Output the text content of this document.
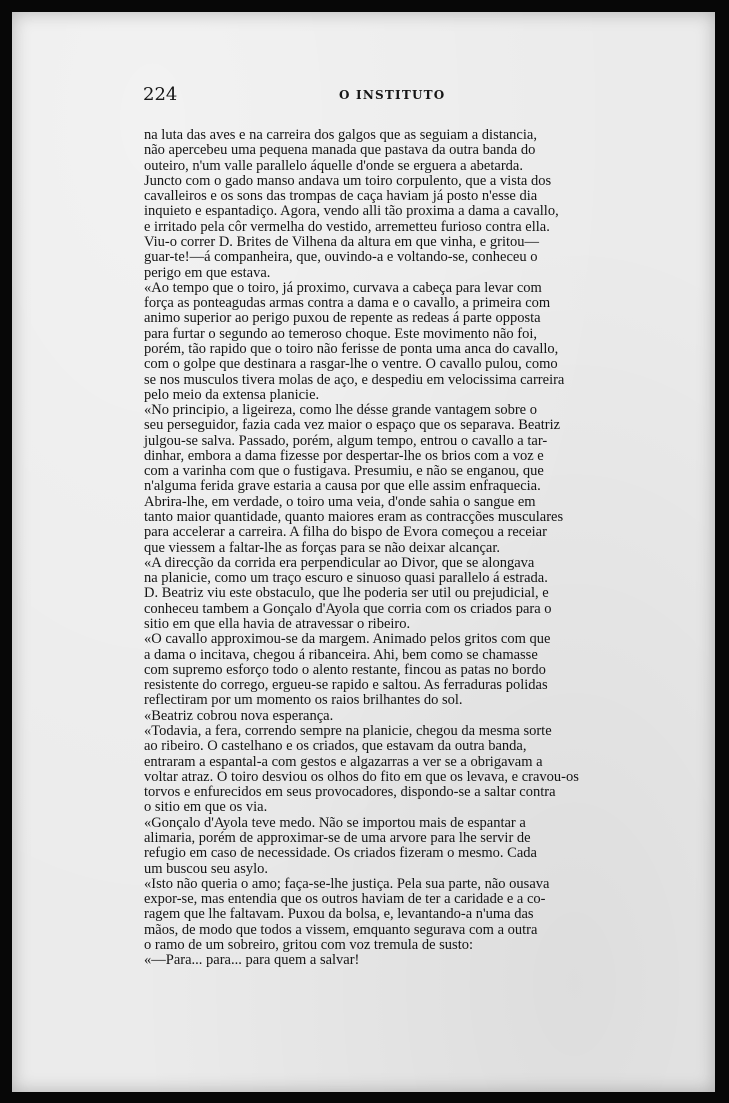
224	O INSTITUTO

na luta das aves e na carreira dos galgos que as seguiam a distancia,
não apercebeu uma pequena manada que pastava da outra banda do
outeiro, n'um valle parallelo áquelle d'onde se erguera a abetarda.
Juncto com o gado manso andava um toiro corpulento, que a vista dos
cavalleiros e os sons das trompas de caça haviam já posto n'esse dia
inquieto e espantadiço. Agora, vendo alli tão proxima a dama a cavallo,
e irritado pela côr vermelha do vestido, arremetteu furioso contra ella.
Viu-o correr D. Brites de Vilhena da altura em que vinha, e gritou—
guar-te!—á companheira, que, ouvindo-a e voltando-se, conheceu o
perigo em que estava.

«Ao tempo que o toiro, já proximo, curvava a cabeça para levar com
força as ponteagudas armas contra a dama e o cavallo, a primeira com
animo superior ao perigo puxou de repente as redeas á parte opposta
para furtar o segundo ao temeroso choque. Este movimento não foi,
porém, tão rapido que o toiro não ferisse de ponta uma anca do cavallo,
com o golpe que destinara a rasgar-lhe o ventre. O cavallo pulou, como
se nos musculos tivera molas de aço, e despediu em velocissima carreira
pelo meio da extensa planicie.

«No principio, a ligeireza, como lhe désse grande vantagem sobre o
seu perseguidor, fazia cada vez maior o espaço que os separava. Beatriz
julgou-se salva. Passado, porém, algum tempo, entrou o cavallo a tar-
dinhar, embora a dama fizesse por despertar-lhe os brios com a voz e
com a varinha com que o fustigava. Presumiu, e não se enganou, que
n'alguma ferida grave estaria a causa por que elle assim enfraquecia.
Abrira-lhe, em verdade, o toiro uma veia, d'onde sahia o sangue em
tanto maior quantidade, quanto maiores eram as contracções musculares
para accelerar a carreira. A filha do bispo de Evora começou a receiar
que viessem a faltar-lhe as forças para se não deixar alcançar.

«A direcção da corrida era perpendicular ao Divor, que se alongava
na planicie, como um traço escuro e sinuoso quasi parallelo á estrada.
D. Beatriz viu este obstaculo, que lhe poderia ser util ou prejudicial, e
conheceu tambem a Gonçalo d'Ayola que corria com os criados para o
sitio em que ella havia de atravessar o ribeiro.

«O cavallo approximou-se da margem. Animado pelos gritos com que
a dama o incitava, chegou á ribanceira. Ahi, bem como se chamasse
com supremo esforço todo o alento restante, fincou as patas no bordo
resistente do corrego, ergueu-se rapido e saltou. As ferraduras polidas
reflectiram por um momento os raios brilhantes do sol.

«Beatriz cobrou nova esperança.

«Todavia, a fera, correndo sempre na planicie, chegou da mesma sorte
ao ribeiro. O castelhano e os criados, que estavam da outra banda,
entraram a espantal-a com gestos e algazarras a ver se a obrigavam a
voltar atraz. O toiro desviou os olhos do fito em que os levava, e cravou-os
torvos e enfurecidos em seus provocadores, dispondo-se a saltar contra
o sitio em que os via.

«Gonçalo d'Ayola teve medo. Não se importou mais de espantar a
alimaria, porém de approximar-se de uma arvore para lhe servir de
refugio em caso de necessidade. Os criados fizeram o mesmo. Cada
um buscou seu asylo.

«Isto não queria o amo; faça-se-lhe justiça. Pela sua parte, não ousava
expor-se, mas entendia que os outros haviam de ter a caridade e a co-
ragem que lhe faltavam. Puxou da bolsa, e, levantando-a n'uma das
mãos, de modo que todos a vissem, emquanto segurava com a outra
o ramo de um sobreiro, gritou com voz tremula de susto:

«—Para... para... para quem a salvar!
